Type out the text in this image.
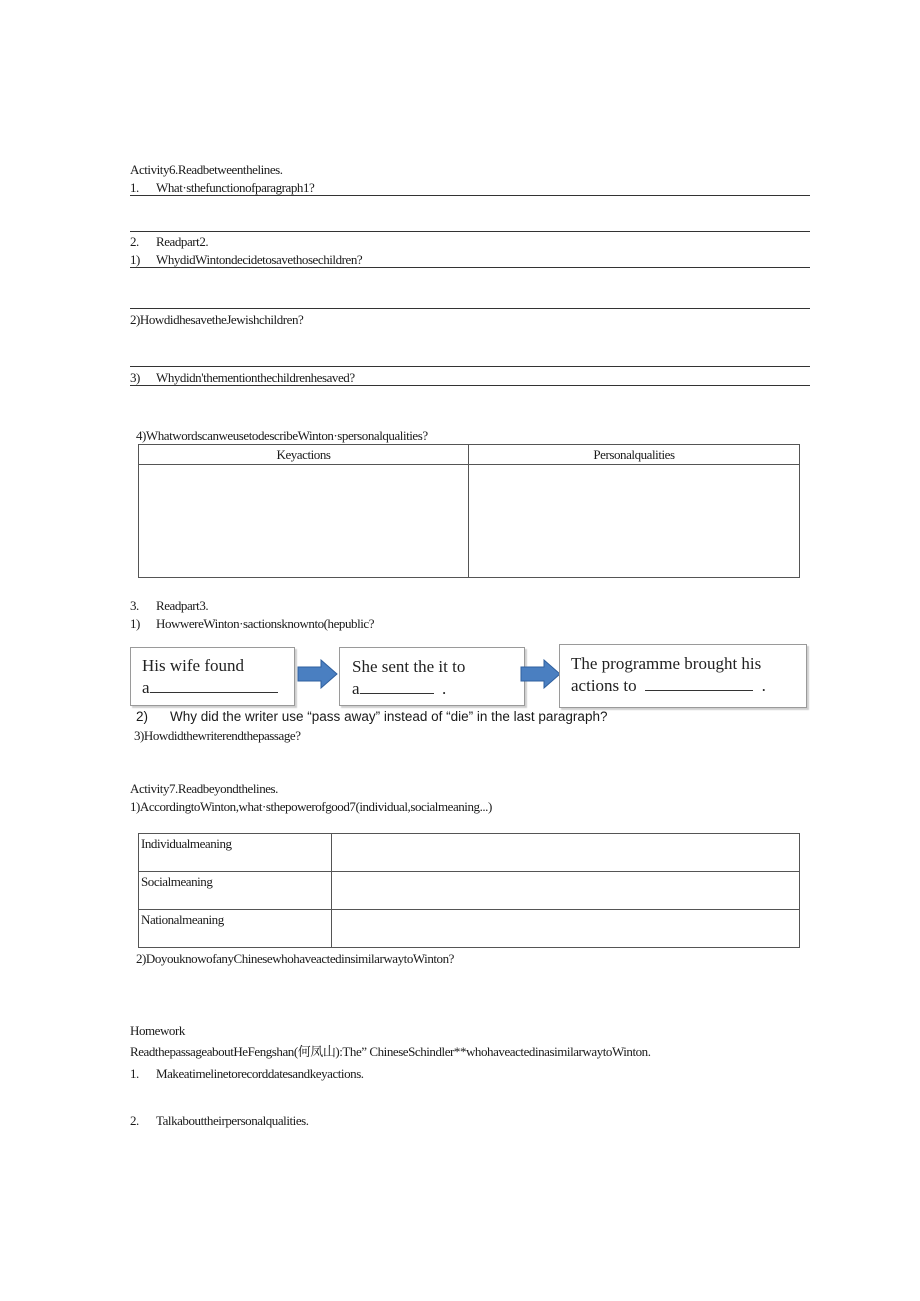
Activity6.Readbetweenthelines.
1. What·sthefunctionofparagraph1?
2. Readpart2.
1) WhydidWintondecidetosavethosechildren?
2)HowdidhesavetheJewishchildren?
3) Whydidn'thementionthechildrenhesaved?
4)WhatwordscanweusetodescribeWinton·spersonalqualities?
Keyactions	Personalqualities

3. Readpart3.
1) HowwereWinton·sactionsknownto(hepublic?
His wife found
a
She sent the it to
a	.
The programme brought his
actions to	.
2) Why did the writer use “pass away” instead of “die” in the last paragraph?
3)Howdidthewriterendthepassage?
Activity7.Readbeyondthelines.
1)AccordingtoWinton,what·sthepowerofgood7(individual,socialmeaning...)
Individualmeaning	
Socialmeaning	
Nationalmeaning	
2)DoyouknowofanyChinesewhohaveactedinsimilarwaytoWinton?
Homework
ReadthepassageaboutHeFengshan(何凤山):The” ChineseSchindler**whohaveactedinasimilarwaytoWinton.
1. Makeatimelinetorecorddatesandkeyactions.
2. Talkabouttheirpersonalqualities.
